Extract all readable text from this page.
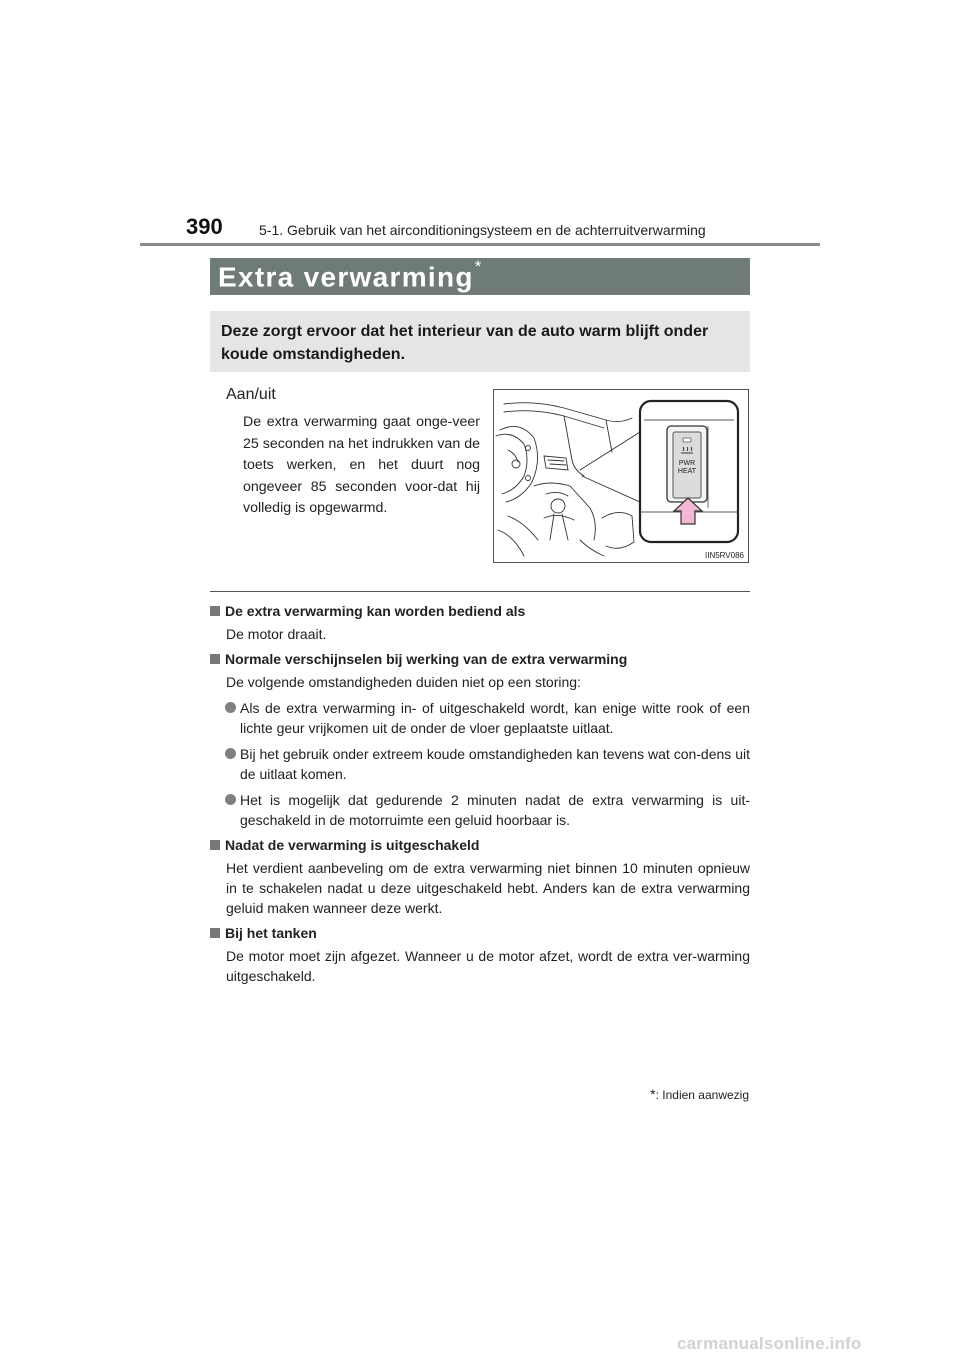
390	5-1. Gebruik van het airconditioningsysteem en de achterruitverwarming
Extra verwarming*
Deze zorgt ervoor dat het interieur van de auto warm blijft onder koude omstandigheden.
Aan/uit
De extra verwarming gaat onge-veer 25 seconden na het indrukken van de toets werken, en het duurt nog ongeveer 85 seconden voor-dat hij volledig is opgewarmd.
PWR
HEAT
IIN5RV086
De extra verwarming kan worden bediend als
De motor draait.
Normale verschijnselen bij werking van de extra verwarming
De volgende omstandigheden duiden niet op een storing:
Als de extra verwarming in- of uitgeschakeld wordt, kan enige witte rook of een lichte geur vrijkomen uit de onder de vloer geplaatste uitlaat.
Bij het gebruik onder extreem koude omstandigheden kan tevens wat con-dens uit de uitlaat komen.
Het is mogelijk dat gedurende 2 minuten nadat de extra verwarming is uit-geschakeld in de motorruimte een geluid hoorbaar is.
Nadat de verwarming is uitgeschakeld
Het verdient aanbeveling om de extra verwarming niet binnen 10 minuten opnieuw in te schakelen nadat u deze uitgeschakeld hebt. Anders kan de extra verwarming geluid maken wanneer deze werkt.
Bij het tanken
De motor moet zijn afgezet. Wanneer u de motor afzet, wordt de extra ver-warming uitgeschakeld.
*: Indien aanwezig
carmanualsonline.info
